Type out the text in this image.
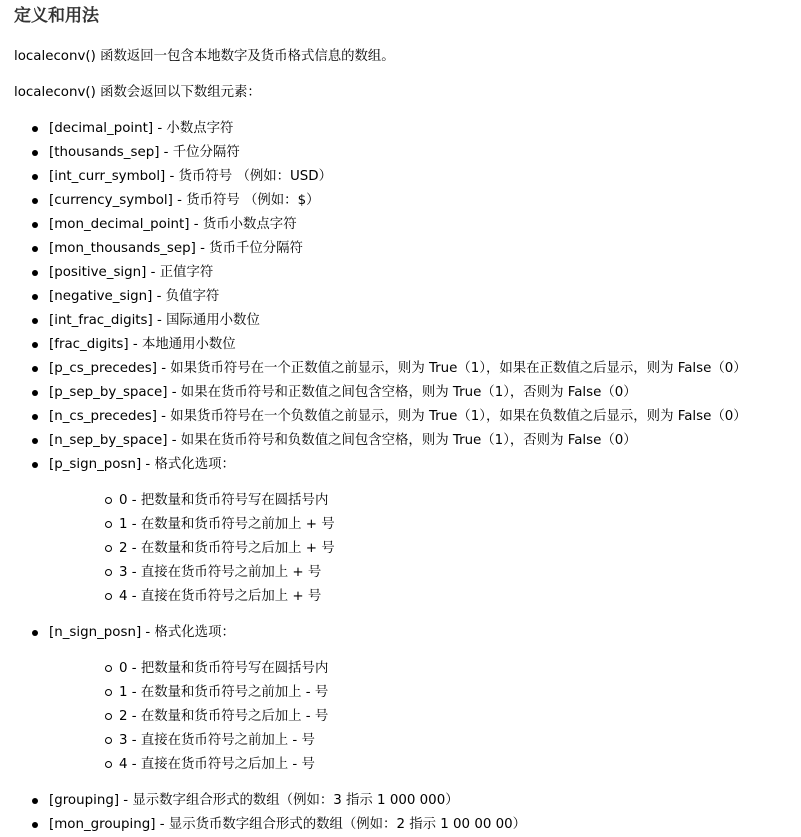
定义和用法

localeconv() 函数返回一包含本地数字及货币格式信息的数组。

localeconv() 函数会返回以下数组元素：

[decimal_point] - 小数点字符
[thousands_sep] - 千位分隔符
[int_curr_symbol] - 货币符号 （例如：USD）
[currency_symbol] - 货币符号 （例如：$）
[mon_decimal_point] - 货币小数点字符
[mon_thousands_sep] - 货币千位分隔符
[positive_sign] - 正值字符
[negative_sign] - 负值字符
[int_frac_digits] - 国际通用小数位
[frac_digits] - 本地通用小数位
[p_cs_precedes] - 如果货币符号在一个正数值之前显示，则为 True（1），如果在正数值之后显示，则为 False（0）
[p_sep_by_space] - 如果在货币符号和正数值之间包含空格，则为 True（1），否则为 False（0）
[n_cs_precedes] - 如果货币符号在一个负数值之前显示，则为 True（1），如果在负数值之后显示，则为 False（0）
[n_sep_by_space] - 如果在货币符号和负数值之间包含空格，则为 True（1），否则为 False（0）
[p_sign_posn] - 格式化选项：
0 - 把数量和货币符号写在圆括号内
1 - 在数量和货币符号之前加上 + 号
2 - 在数量和货币符号之后加上 + 号
3 - 直接在货币符号之前加上 + 号
4 - 直接在货币符号之后加上 + 号
[n_sign_posn] - 格式化选项：
0 - 把数量和货币符号写在圆括号内
1 - 在数量和货币符号之前加上 - 号
2 - 在数量和货币符号之后加上 - 号
3 - 直接在货币符号之前加上 - 号
4 - 直接在货币符号之后加上 - 号
[grouping] - 显示数字组合形式的数组（例如：3 指示 1 000 000）
[mon_grouping] - 显示货币数字组合形式的数组（例如：2 指示 1 00 00 00）
